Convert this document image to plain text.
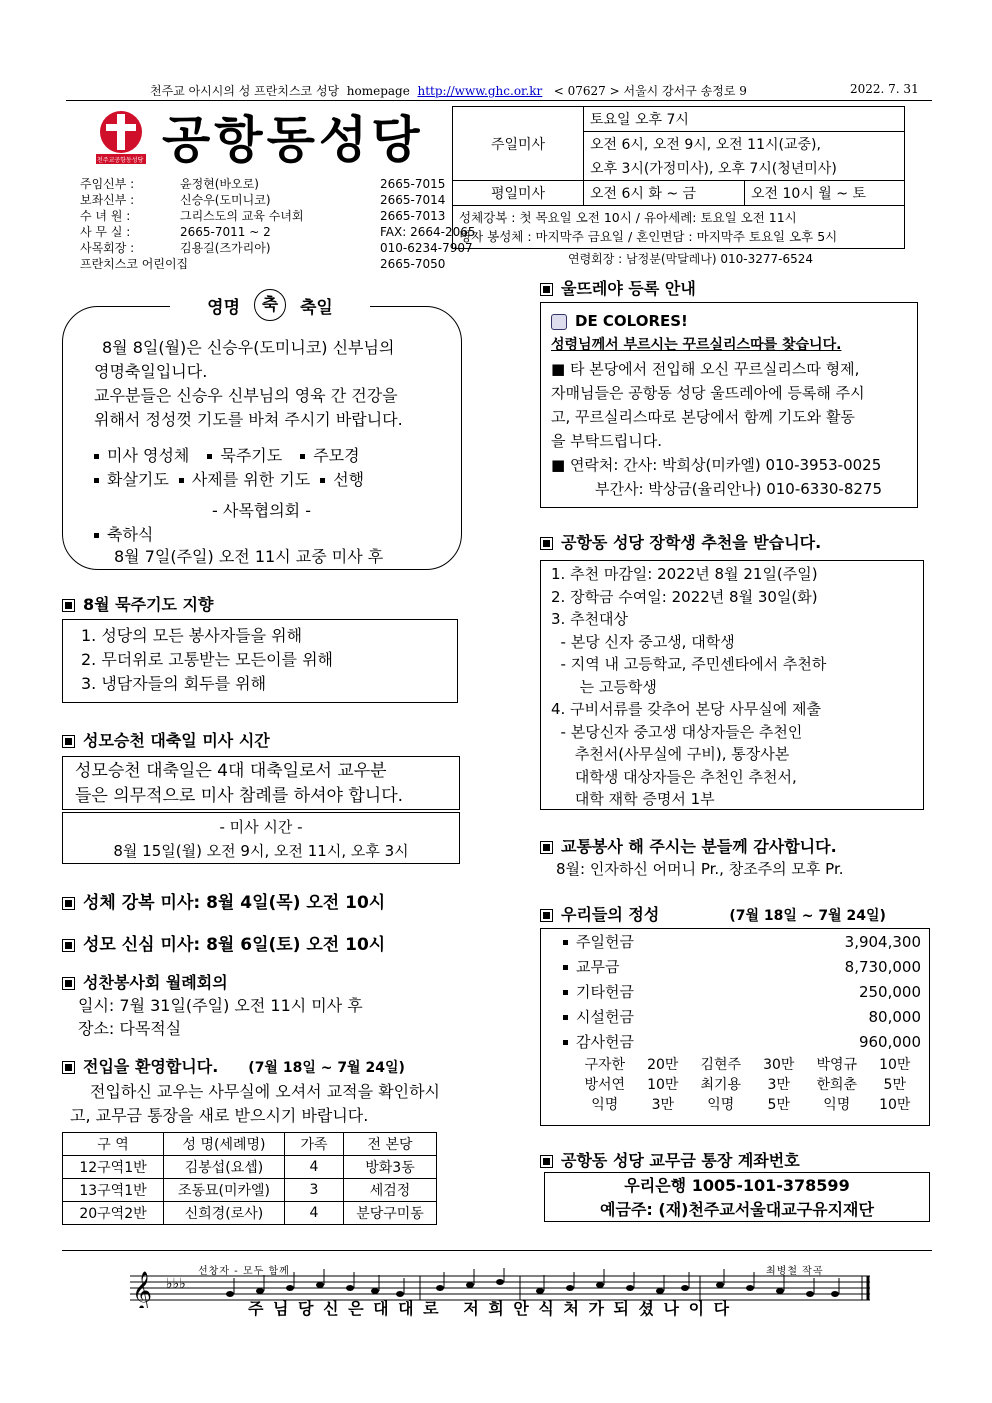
천주교 아시시의 성 프란치스코 성당 homepage http://www.ghc.or.kr < 07627 > 서울시 강서구 송정로 9	2022. 7. 31
천주교공항동성당 공항동성당
주임신부 :	윤정현(바오로)	2665-7015
보좌신부 :	신승우(도미니코)	2665-7014
수 녀 원 :	그리스도의 교육 수녀회	2665-7013
사 무 실 :	2665-7011 ~ 2	FAX: 2664-2065
사목회장 :	김용길(즈가리아)	010-6234-7907
프란치스코 어린이집	2665-7050
주일미사	토요일 오후 7시	
	오전 6시, 오전 9시, 오전 11시(교중),	
	오후 3시(가정미사), 오후 7시(청년미사)	
평일미사	오전 6시 화 ~ 금	오전 10시 월 ~ 토

성체강복 : 첫 목요일 오전 10시 / 유아세례: 토요일 오전 11시
병자 봉성체 : 마지막주 금요일 / 혼인면담 : 마지막주 토요일 오후 5시		
연령회장 : 남정분(막달레나) 010-3277-6524
영명	축	축일
8월 8일(월)은 신승우(도미니코) 신부님의
영명축일입니다.
교우분들은 신승우 신부님의 영육 간 건강을
위해서 정성껏 기도를 바쳐 주시기 바랍니다.
미사 영성체	묵주기도	주모경
화살기도	사제를 위한 기도	선행
- 사목협의회 -
축하식
8월 7일(주일) 오전 11시 교중 미사 후
8월 묵주기도 지향
1. 성당의 모든 봉사자들을 위해
2. 무더위로 고통받는 모든이를 위해
3. 냉담자들의 회두를 위해
성모승천 대축일 미사 시간
성모승천 대축일은 4대 대축일로서 교우분
들은 의무적으로 미사 참례를 하셔야 합니다.
- 미사 시간 -
8월 15일(월) 오전 9시, 오전 11시, 오후 3시
성체 강복 미사: 8월 4일(목) 오전 10시
성모 신심 미사: 8월 6일(토) 오전 10시
성찬봉사회 월례회의
일시: 7월 31일(주일) 오전 11시 미사 후
장소: 다목적실
전입을 환영합니다. (7월 18일 ~ 7월 24일)
전입하신 교우는 사무실에 오셔서 교적을 확인하시
고, 교무금 통장을 새로 받으시기 바랍니다.
구 역	성 명(세례명)	가족	전 본당
12구역1반	김봉섭(요셉)	4	방화3동
13구역1반	조동묘(미카엘)	3	세검정
20구역2반	신희경(로사)	4	분당구미동
울뜨레야 등록 안내
DE COLORES!
성령님께서 부르시는 꾸르실리스따를 찾습니다.
■ 타 본당에서 전입해 오신 꾸르실리스따 형제,
자매님들은 공항동 성당 울뜨레아에 등록해 주시
고, 꾸르실리스따로 본당에서 함께 기도와 활동
을 부탁드립니다.
■ 연락처: 간사: 박희상(미카엘) 010-3953-0025
부간사: 박상금(율리안나) 010-6330-8275
공항동 성당 장학생 추천을 받습니다.
1. 추천 마감일: 2022년 8월 21일(주일)
2. 장학금 수여일: 2022년 8월 30일(화)
3. 추천대상
- 본당 신자 중고생, 대학생
- 지역 내 고등학교, 주민센타에서 추천하
는 고등학생
4. 구비서류를 갖추어 본당 사무실에 제출
- 본당신자 중고생 대상자들은 추천인
추천서(사무실에 구비), 통장사본
대학생 대상자들은 추천인 추천서,
대학 재학 증명서 1부
교통봉사 해 주시는 분들께 감사합니다.
8월: 인자하신 어머니 Pr., 창조주의 모후 Pr.
우리들의 정성	(7월 18일 ~ 7월 24일)
주일헌금	3,904,300
교무금	8,730,000
기타헌금	250,000
시설헌금	80,000
감사헌금	960,000
구자한	20만	김현주	30만	박영규	10만
방서연	10만	최기용	3만	한희춘	5만
익명	3만	익명	5만	익명	10만
공항동 성당 교무금 통장 계좌번호
우리은행 1005-101-378599
예금주: (재)천주교서울대교구유지재단
선창자 - 모두 함께	최병철 작곡
𝄞 ♭♭♭
주 님 당 신 은 대 대 로   저 희 안 식 처 가 되 셨 나 이 다
